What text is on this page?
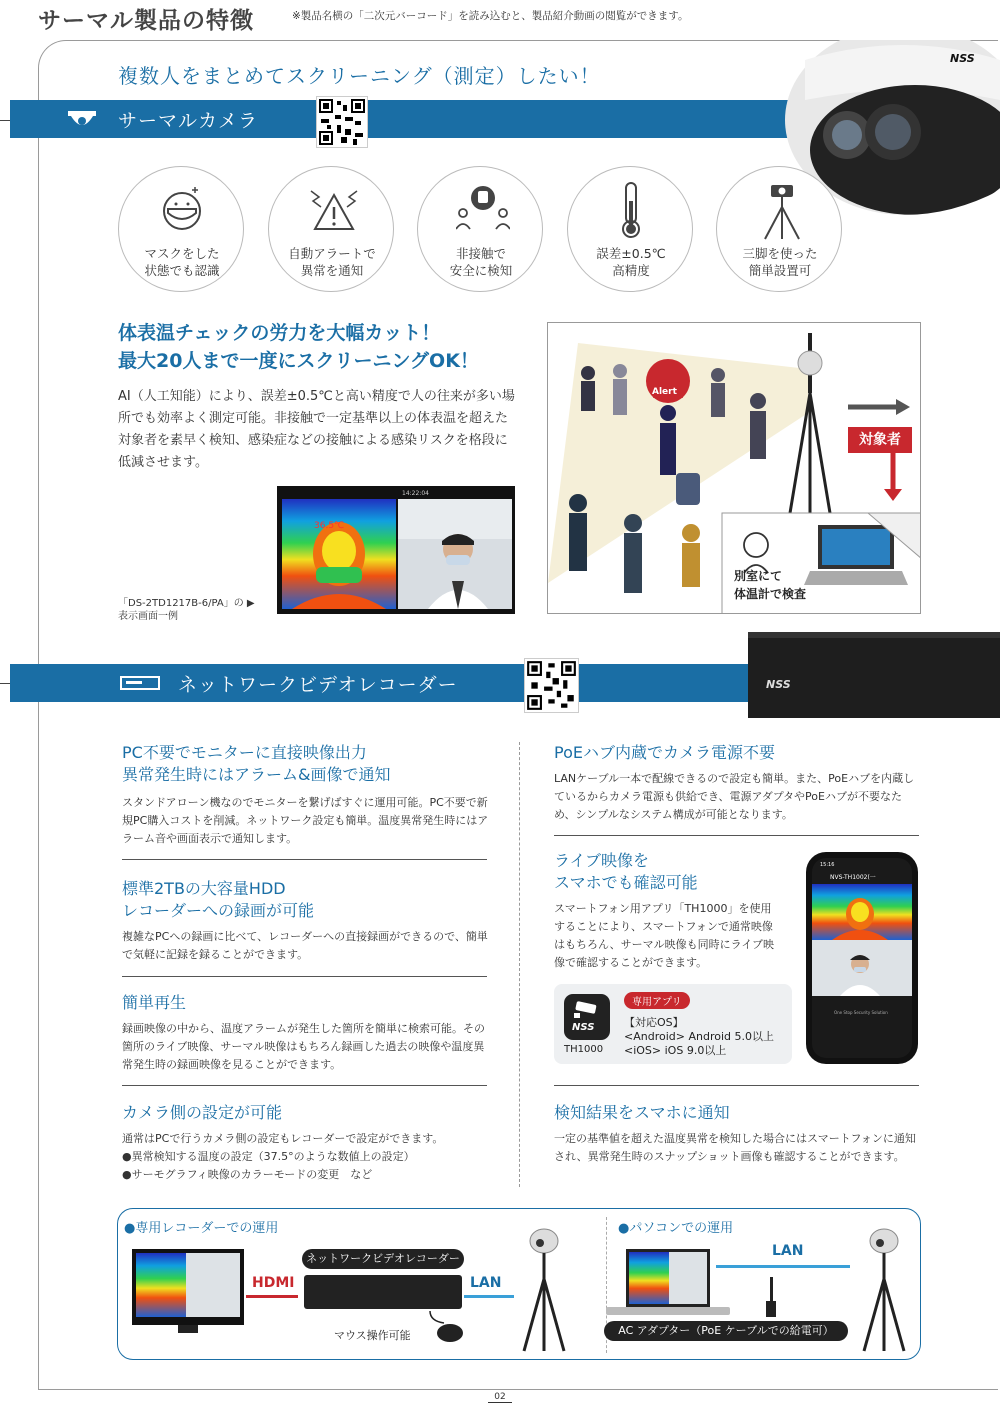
サーマル製品の特徴	※製品名横の「二次元バーコード」を読み込むと、製品紹介動画の閲覧ができます。
複数人をまとめてスクリーニング（測定）したい！
サーマルカメラ
NSS
マスクをした
状態でも認識
自動アラートで
異常を通知
非接触で
安全に検知
誤差±0.5℃
高精度
三脚を使った
簡単設置可
体表温チェックの労力を大幅カット！
最大20人まで一度にスクリーニングOK！
AI（人工知能）により、誤差±0.5℃と高い精度で人の往来が多い場所でも効率よく測定可能。非接触で一定基準以上の体表温を超えた対象者を素早く検知、感染症などの接触による感染リスクを格段に低減させます。
36.5℃
14:22:04
「DS-2TD1217B-6/PA」の ▶
表示画面一例
Alert
対象者
別室にて
体温計で検査
ネットワークビデオレコーダー	NSS
PC不要でモニターに直接映像出力
異常発生時にはアラーム&画像で通知
スタンドアローン機なのでモニターを繋げばすぐに運用可能。PC不要で新規PC購入コストを削減。ネットワーク設定も簡単。温度異常発生時にはアラーム音や画面表示で通知します。
標準2TBの大容量HDD
レコーダーへの録画が可能
複雑なPCへの録画に比べて、レコーダーへの直接録画ができるので、簡単で気軽に記録を録ることができます。
簡単再生
録画映像の中から、温度アラームが発生した箇所を簡単に検索可能。その箇所のライブ映像、サーマル映像はもちろん録画した過去の映像や温度異常発生時の録画映像を見ることができます。
カメラ側の設定が可能
通常はPCで行うカメラ側の設定もレコーダーで設定ができます。
●異常検知する温度の設定（37.5°のような数値上の設定）
●サーモグラフィ映像のカラーモードの変更　など
PoEハブ内蔵でカメラ電源不要
LANケーブル一本で配線できるので設定も簡単。また、PoEハブを内蔵しているからカメラ電源も供給でき、電源アダプタやPoEハブが不要なため、シンプルなシステム構成が可能となります。
ライブ映像を
スマホでも確認可能
スマートフォン用アプリ「TH1000」を使用することにより、スマートフォンで通常映像はもちろん、サーマル映像も同時にライブ映像で確認することができます。
NSS
TH1000
専用アプリ
【対応OS】
<Android> Android 5.0以上
<iOS> iOS 9.0以上
15:16
NVS-TH1002(一
One Stop Security Solution
検知結果をスマホに通知
一定の基準値を超えた温度異常を検知した場合にはスマートフォンに通知され、異常発生時のスナップショット画像も確認することができます。
●専用レコーダーでの運用	●パソコンでの運用
HDMI
ネットワークビデオレコーダー
マウス操作可能
LAN
LAN
AC アダプター（PoE ケーブルでの給電可）
02
